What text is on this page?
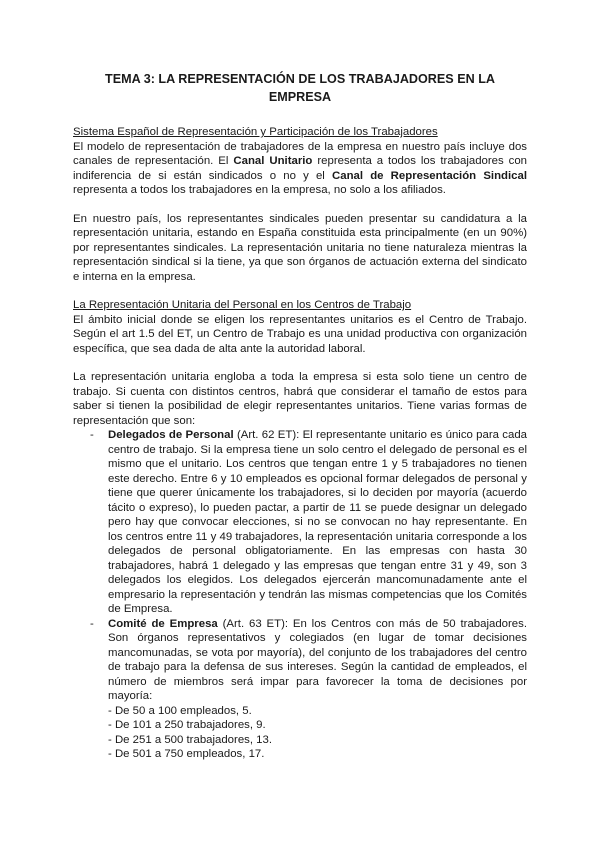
TEMA 3: LA REPRESENTACIÓN DE LOS TRABAJADORES EN LA EMPRESA

Sistema Español de Representación y Participación de los Trabajadores

El modelo de representación de trabajadores de la empresa en nuestro país incluye dos canales de representación. El Canal Unitario representa a todos los trabajadores con indiferencia de si están sindicados o no y el Canal de Representación Sindical representa a todos los trabajadores en la empresa, no solo a los afiliados.

En nuestro país, los representantes sindicales pueden presentar su candidatura a la representación unitaria, estando en España constituida esta principalmente (en un 90%) por representantes sindicales. La representación unitaria no tiene naturaleza mientras la representación sindical si la tiene, ya que son órganos de actuación externa del sindicato e interna en la empresa.

La Representación Unitaria del Personal en los Centros de Trabajo

El ámbito inicial donde se eligen los representantes unitarios es el Centro de Trabajo. Según el art 1.5 del ET, un Centro de Trabajo es una unidad productiva con organización específica, que sea dada de alta ante la autoridad laboral.

La representación unitaria engloba a toda la empresa si esta solo tiene un centro de trabajo. Si cuenta con distintos centros, habrá que considerar el tamaño de estos para saber si tienen la posibilidad de elegir representantes unitarios. Tiene varias formas de representación que son:

- Delegados de Personal (Art. 62 ET): El representante unitario es único para cada centro de trabajo. Si la empresa tiene un solo centro el delegado de personal es el mismo que el unitario. Los centros que tengan entre 1 y 5 trabajadores no tienen este derecho. Entre 6 y 10 empleados es opcional formar delegados de personal y tiene que querer únicamente los trabajadores, si lo deciden por mayoría (acuerdo tácito o expreso), lo pueden pactar, a partir de 11 se puede designar un delegado pero hay que convocar elecciones, si no se convocan no hay representante. En los centros entre 11 y 49 trabajadores, la representación unitaria corresponde a los delegados de personal obligatoriamente. En las empresas con hasta 30 trabajadores, habrá 1 delegado y las empresas que tengan entre 31 y 49, son 3 delegados los elegidos. Los delegados ejercerán mancomunadamente ante el empresario la representación y tendrán las mismas competencias que los Comités de Empresa.
- Comité de Empresa (Art. 63 ET): En los Centros con más de 50 trabajadores. Son órganos representativos y colegiados (en lugar de tomar decisiones mancomunadas, se vota por mayoría), del conjunto de los trabajadores del centro de trabajo para la defensa de sus intereses. Según la cantidad de empleados, el número de miembros será impar para favorecer la toma de decisiones por mayoría:
- De 50 a 100 empleados, 5.
- De 101 a 250 trabajadores, 9.
- De 251 a 500 trabajadores, 13.
- De 501 a 750 empleados, 17.
